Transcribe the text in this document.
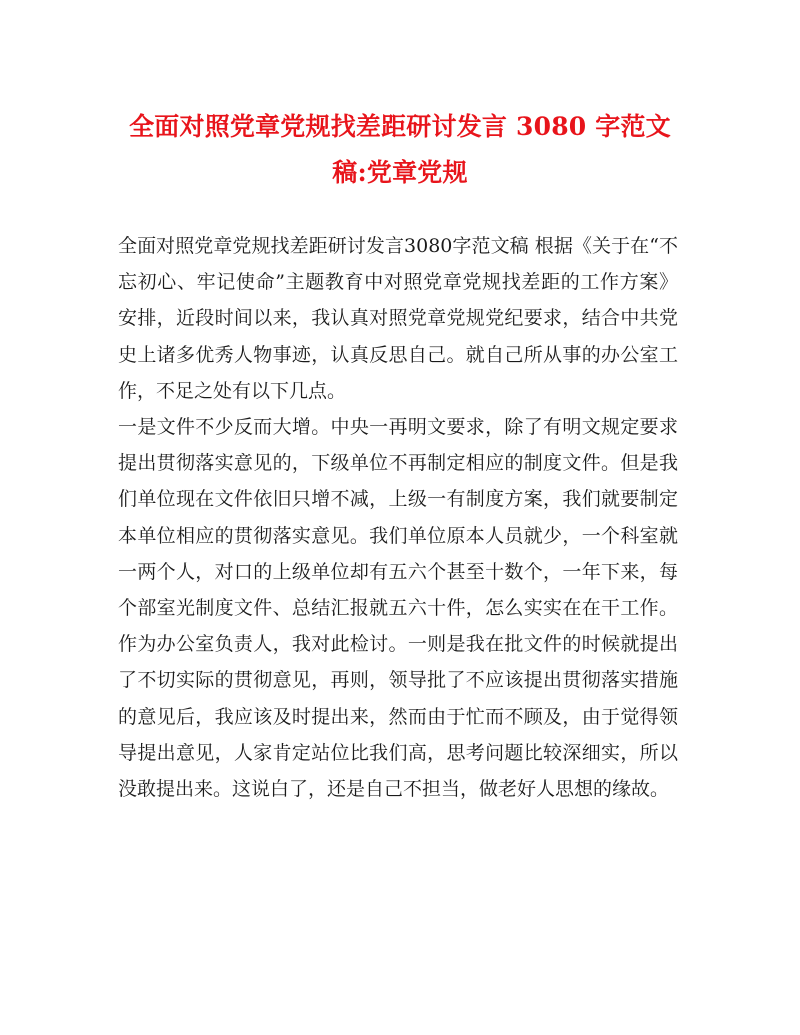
全面对照党章党规找差距研讨发言 3080 字范文稿:党章党规

全面对照党章党规找差距研讨发言3080字范文稿 根据《关于在“不忘初心、牢记使命”主题教育中对照党章党规找差距的工作方案》安排，近段时间以来，我认真对照党章党规党纪要求，结合中共党史上诸多优秀人物事迹，认真反思自己。就自己所从事的办公室工作，不足之处有以下几点。

一是文件不少反而大增。中央一再明文要求，除了有明文规定要求提出贯彻落实意见的，下级单位不再制定相应的制度文件。但是我们单位现在文件依旧只增不减，上级一有制度方案，我们就要制定本单位相应的贯彻落实意见。我们单位原本人员就少，一个科室就一两个人，对口的上级单位却有五六个甚至十数个，一年下来，每个部室光制度文件、总结汇报就五六十件，怎么实实在在干工作。作为办公室负责人，我对此检讨。一则是我在批文件的时候就提出了不切实际的贯彻意见，再则，领导批了不应该提出贯彻落实措施的意见后，我应该及时提出来，然而由于忙而不顾及，由于觉得领导提出意见，人家肯定站位比我们高，思考问题比较深细实，所以没敢提出来。这说白了，还是自己不担当，做老好人思想的缘故。
